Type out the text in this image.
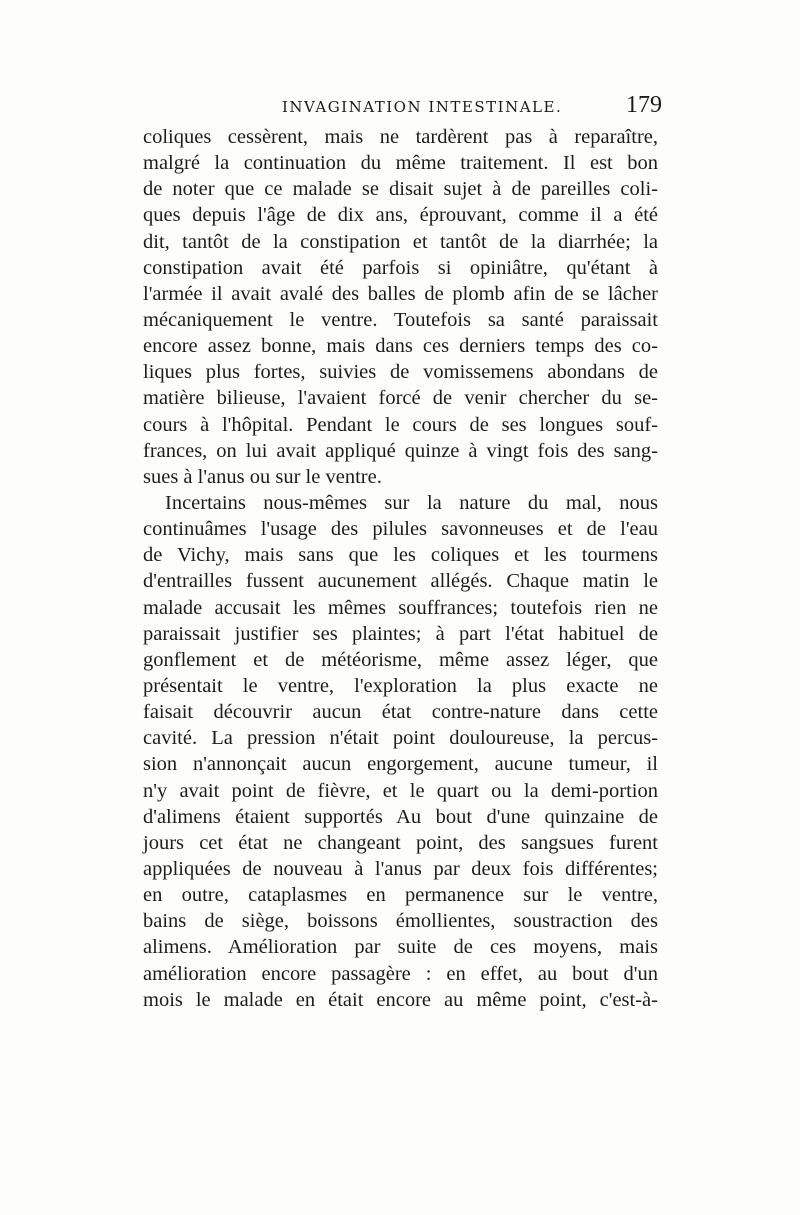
INVAGINATION INTESTINALE.	179
coliques cessèrent, mais ne tardèrent pas à reparaître,
malgré la continuation du même traitement. Il est bon
de noter que ce malade se disait sujet à de pareilles coli-
ques depuis l'âge de dix ans, éprouvant, comme il a été
dit, tantôt de la constipation et tantôt de la diarrhée; la
constipation avait été parfois si opiniâtre, qu'étant à
l'armée il avait avalé des balles de plomb afin de se lâcher
mécaniquement le ventre. Toutefois sa santé paraissait
encore assez bonne, mais dans ces derniers temps des co-
liques plus fortes, suivies de vomissemens abondans de
matière bilieuse, l'avaient forcé de venir chercher du se-
cours à l'hôpital. Pendant le cours de ses longues souf-
frances, on lui avait appliqué quinze à vingt fois des sang-
sues à l'anus ou sur le ventre.
Incertains nous-mêmes sur la nature du mal, nous
continuâmes l'usage des pilules savonneuses et de l'eau
de Vichy, mais sans que les coliques et les tourmens
d'entrailles fussent aucunement allégés. Chaque matin le
malade accusait les mêmes souffrances; toutefois rien ne
paraissait justifier ses plaintes; à part l'état habituel de
gonflement et de météorisme, même assez léger, que
présentait le ventre, l'exploration la plus exacte ne
faisait découvrir aucun état contre-nature dans cette
cavité. La pression n'était point douloureuse, la percus-
sion n'annonçait aucun engorgement, aucune tumeur, il
n'y avait point de fièvre, et le quart ou la demi-portion
d'alimens étaient supportés Au bout d'une quinzaine de
jours cet état ne changeant point, des sangsues furent
appliquées de nouveau à l'anus par deux fois différentes;
en outre, cataplasmes en permanence sur le ventre,
bains de siège, boissons émollientes, soustraction des
alimens. Amélioration par suite de ces moyens, mais
amélioration encore passagère : en effet, au bout d'un
mois le malade en était encore au même point, c'est-à-
